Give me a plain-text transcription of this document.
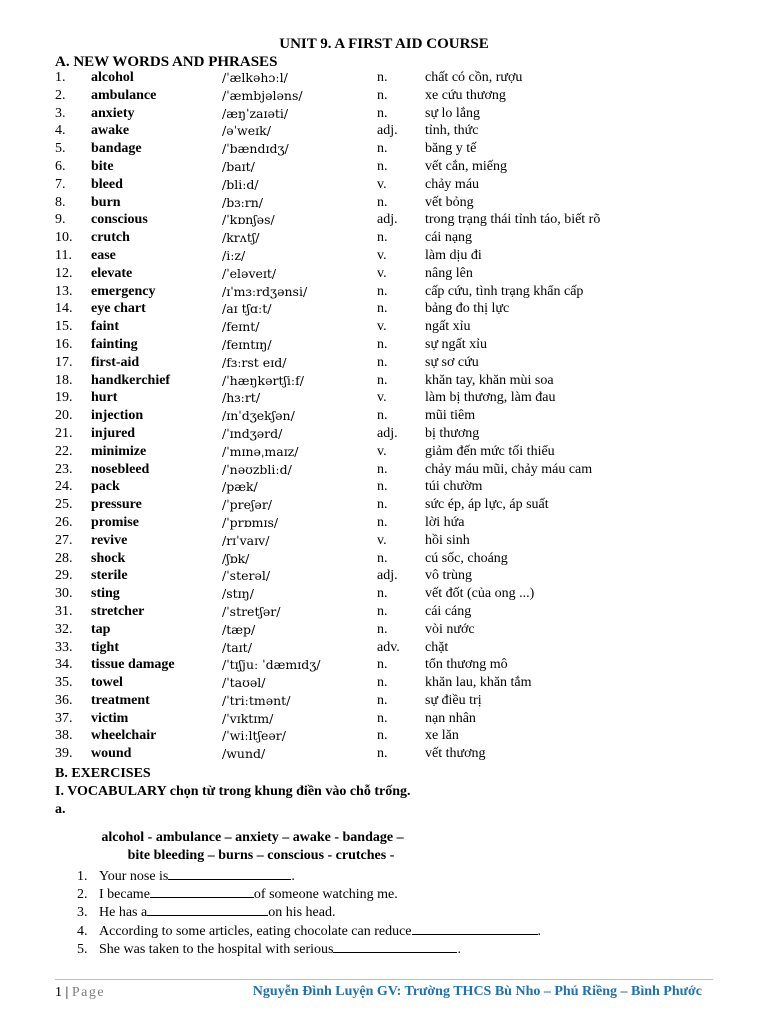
UNIT 9. A FIRST AID COURSE
A. NEW WORDS AND PHRASES
1. alcohol	/ˈælkəhɔːl/	n.	chất có cồn, rượu
2. ambulance	/ˈæmbjələns/	n.	xe cứu thương
3. anxiety	/æŋˈzaɪəti/	n.	sự lo lắng
4. awake	/əˈweɪk/	adj. tỉnh, thức
5. bandage	/ˈbændɪdʒ/	n.	băng y tế
6. bite	/baɪt/	n.	vết cắn, miếng
7. bleed	/bliːd/	v.	chảy máu
8. burn	/bɜːrn/	n.	vết bỏng
9. conscious	/ˈkɒnʃəs/	adj. trong trạng thái tỉnh táo, biết rõ
10. crutch	/krʌtʃ/	n.	cái nạng
11. ease	/iːz/	v.	làm dịu đi
12. elevate	/ˈeləveɪt/	v.	nâng lên
13. emergency	/ɪˈmɜːrdʒənsi/	n.	cấp cứu, tình trạng khẩn cấp
14. eye chart	/aɪ tʃɑːt/	n.	bảng đo thị lực
15. faint	/feɪnt/	v.	ngất xỉu
16. fainting	/feɪntɪŋ/	n.	sự ngất xỉu
17. first-aid	/fɜːrst eɪd/	n.	sự sơ cứu
18. handkerchief	/ˈhæŋkərtʃiːf/	n.	khăn tay, khăn mùi soa
19. hurt	/hɜːrt/	v.	làm bị thương, làm đau
20. injection	/ɪnˈdʒekʃən/	n.	mũi tiêm
21. injured	/ˈɪndʒərd/	adj. bị thương
22. minimize	/ˈmɪnəˌmaɪz/	v.	giảm đến mức tối thiểu
23. nosebleed	/ˈnəʊzbliːd/	n.	chảy máu mũi, chảy máu cam
24. pack	/pæk/	n.	túi chườm
25. pressure	/ˈpreʃər/	n.	sức ép, áp lực, áp suất
26. promise	/ˈprɒmɪs/	n.	lời hứa
27. revive	/rɪˈvaɪv/	v.	hồi sinh
28. shock	/ʃɒk/	n.	cú sốc, choáng
29. sterile	/ˈsterəl/	adj. vô trùng
30. sting	/stɪŋ/	n.	vết đốt (của ong ...)
31. stretcher	/ˈstretʃər/	n.	cái cáng
32. tap	/tæp/	n.	vòi nước
33. tight	/taɪt/	adv. chặt
34. tissue damage	/ˈtɪʃjuː ˈdæmɪdʒ/	n.	tổn thương mô
35. towel	/ˈtaʊəl/	n.	khăn lau, khăn tắm
36. treatment	/ˈtriːtmənt/	n.	sự điều trị
37. victim	/ˈvɪktɪm/	n.	nạn nhân
38. wheelchair	/ˈwiːltʃeər/	n.	xe lăn
39. wound	/wund/	n.	vết thương
B. EXERCISES
I. VOCABULARY chọn từ trong khung điền vào chỗ trống.
a.
alcohol - ambulance – anxiety – awake - bandage –
bite bleeding – burns – conscious - crutches -
1. Your nose is	.
2. I became	of someone watching me.
3. He has a	on his head.
4. According to some articles, eating chocolate can reduce	.
5. She was taken to the hospital with serious	.
1 | Page	Nguyễn Đình Luyện GV: Trường THCS Bù Nho – Phú Riềng – Bình Phước
